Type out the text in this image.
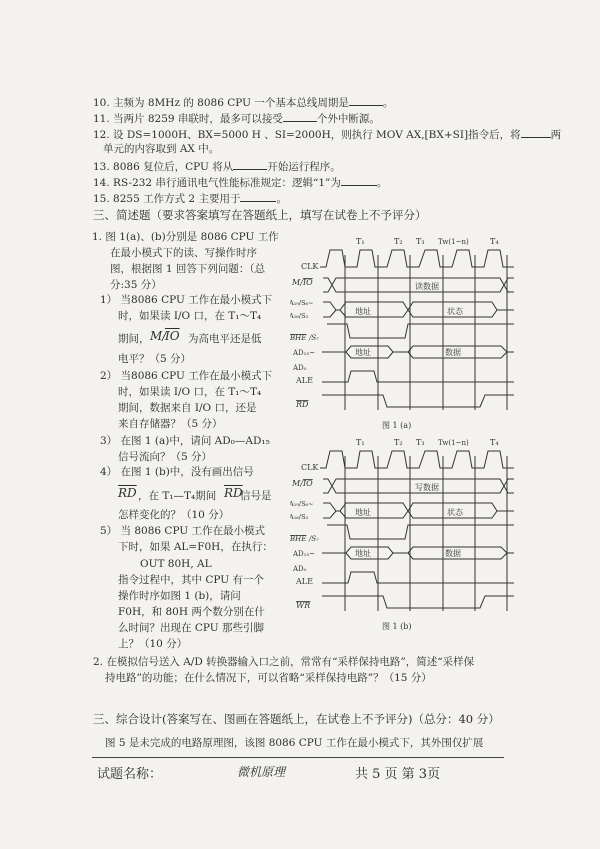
10. 主频为 8MHz 的 8086 CPU 一个基本总线周期是	。
11. 当两片 8259 串联时，最多可以接受	个外中断源。
12. 设 DS=1000H、BX=5000 H 、SI=2000H，则执行 MOV AX,[BX+SI]指令后，将	两
单元的内容取到 AX 中。
13. 8086 复位后，CPU 将从	开始运行程序。
14. RS-232 串行通讯电气性能标准规定：逻辑“1”为	。
15. 8255 工作方式 2 主要用于	。
三、简述题（要求答案填写在答题纸上，填写在试卷上不予评分）
1. 图 1(a)、(b)分别是 8086 CPU 工作
在最小模式下的读、写操作时序
图，根据图 1 回答下列问题：（总
分:35 分）
1） 当8086 CPU 工作在最小模式下
时，如果读 I/O 口，在 T₁～T₄
期间，	为高电平还是低
电平？（5 分）
2） 当8086 CPU 工作在最小模式下
时，如果读 I/O 口，在 T₁～T₄
期间，数据来自 I/O 口，还是
来自存储器？（5 分）
3） 在图 1 (a)中，请问 AD₀—AD₁₅
信号流向？（5 分）
4） 在图 1 (b)中，没有画出信号
，在 T₁—T₄期间 信号是
怎样变化的？（10 分）
5） 当 8086 CPU 工作在最小模式
下时，如果 AL=F0H，在执行：
OUT 80H, AL
指令过程中，其中 CPU 有一个
操作时序如图 1 (b)，请问
F0H，和 80H 两个数分别在什
么时间？出现在 CPU 那些引脚
上？（10 分）
M/
$\overline{IO}$
$\overline{RD}$	$\overline{RD}$
T₁	T₂ T₃ Tw(1~n)	T₄
读数据
地址	状态
地址	数据
CLK
M/ IO
A₁₉/S₆~
A₁₆/S₃
BHE /S₇
AD₁₅~
AD₀
ALE
RD
图 1 (a)
T₁	T₂ T₃ Tw(1~n)	T₄
写数据
地址	状态
地址	数据
CLK
M/ IO
A₁₉/S₆~
A₁₆/S₃
BHE /S₇
AD₁₅~
AD₀
ALE
WR
图 1 (b)
2. 在模拟信号送入 A/D 转换器输入口之前，常常有“采样保持电路”，简述“采样保
持电路”的功能；在什么情况下，可以省略“采样保持电路”？（15 分）
三、综合设计(答案写在、图画在答题纸上，在试卷上不予评分)（总分：40 分）
图 5 是未完成的电路原理图，该图 8086 CPU 工作在最小模式下，其外围仅扩展
试题名称：	微机原理	共 5 页 第 3页
